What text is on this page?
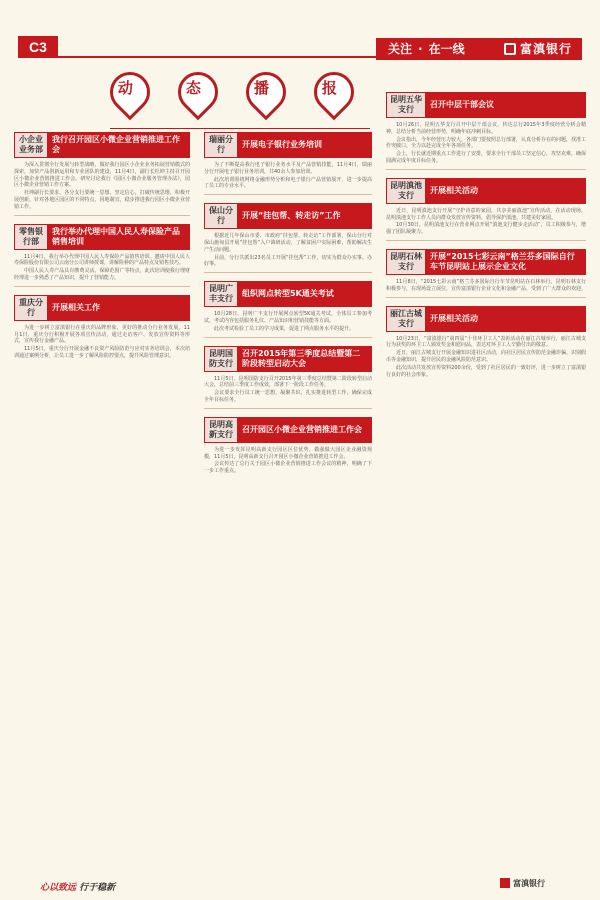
C3	关注 · 在一线	富滇银行
动	态	播	报
小企业业务部
我行召开园区小微企业营销推进工作会

为深入贯彻全行发展与转型战略，做好我行园区小企业业务拓展营销模式的探索，加快产品创新运用和专业团队的建设，11月4日，副行长杜坤主持召开园区小微企业营销推进工作会。研究讨论我行《园区小微企业服务管理办法》，园区小微企业营销工作方案。

杜坤副行长要求，各分支行要统一思想、坚定信心，打破传统思维，积极开展创新，针对各地区园区的不同特点，因地制宜，稳步推进我行园区小微企业营销工作。

零售银行部
我行举办代理中国人民人寿保险产品销售培训

11月4日，我行举办代理中国人民人寿保险产品销售培训。邀请中国人民人寿保险股份有限公司云南分公司讲师授课，讲解险种的产品特点及销售技巧。

中国人民人寿产品具有缴费灵活、保障范围广等特点，此次培训使我行理财经理进一步熟悉了产品知识，提升了营销能力。

重庆分行
开展相关工作

为进一步树立富滇银行在重庆的品牌形象，更好的推动分行业务发展，11月1日，重庆分行积极开展各项宣传活动，通过走访客户、发放宣传资料等形式，宣传我行金融产品。

11月5日，重庆分行开展金融不良资产风险防范与应对实务培训会，本次培训通过案例分析，让员工进一步了解风险防控要点，提升风险管理意识。

瑞丽分行
开展电子银行业务培训

为了不断提高我行电子银行业务水平及产品营销技能，11月4日，瑞丽分行开展电子银行业务培训，共40余人参加培训。

此次培训围绕网络金融形势分析和电子银行产品营销展开，进一步提高了员工的专业水平。

保山分行
开展“挂包帮、转走访”工作

根据近几年保山市委、市政府“挂包帮、转走访”工作部署，保山分行对保山施甸县开展“挂包帮”入户调研活动，了解贫困户实际困难，帮助解决生产生活问题。

目前，分行共派出23名员工开展“挂包帮”工作，切实为群众办实事、办好事。

昆明广丰支行
组织网点转型5K通关考试

10月28日，昆明广丰支行开展网点转型5K通关考试，全体员工参加考试，考试内容包括服务礼仪、产品知识和营销技能等方面。

此次考试检验了员工的学习成果，促进了网点服务水平的提升。

昆明国防支行
召开2015年第三季度总结暨第二阶段转型启动大会

11月5日，昆明国防支行召开2015年第三季度总结暨第二阶段转型启动大会，总结前三季度工作成效，部署下一阶段工作任务。

会议要求全行员工统一思想，凝聚共识，扎实推进转型工作，确保完成全年目标任务。

昆明高新支行
召开园区小微企业营销推进工作会

为进一步发挥昆明高新支行园区区位优势，做强做大园区企业融资规模，11月5日，昆明高新支行召开园区小微企业营销推进工作会。

会议传达了总行关于园区小微企业营销推进工作会议的精神，明确了下一步工作重点。

昆明五华支行
召开中层干部会议

10月26日，昆明五华支行召开中层干部会议，传达总行2015年3季度经营分析会精神，总结分析当前经营形势，明确年底冲刺目标。

会议指出，今年经营压力较大，各部门要按照总行部署，认真分析存在的问题，找准工作突破口，全力以赴完成全年各项任务。

会上，行长就近期重点工作进行了安排，要求全行干部员工坚定信心，攻坚克难，确保圆满完成年度目标任务。

昆明滇池支行
开展相关活动

近日，昆明滇池支行开展“守护诗意的家园，共享美丽滇池”宣传活动，在活动现场，昆明滇池支行工作人员向群众发放宣传资料，倡导保护滇池、共建美好家园。

10月30日，昆明滇池支行在营业网点开展“滇池支行健步走活动”，员工积极参与，增强了团队凝聚力。

昆明石林支行
开展“2015七彩云南”格兰芬多国际自行车节昆明站上展示企业文化

11月8日，“2015七彩云南”格兰芬多国际自行车节昆明站在石林举行，昆明石林支行积极参与，在现场设立展位，宣传富滇银行企业文化和金融产品，受到了广大群众的欢迎。

丽江古城支行
开展相关活动

10月23日，“富滇银行”第四届“十佳环卫工人”表彰活动在丽江古城举行，丽江古城支行为获奖的环卫工人颁发奖金和慰问品，表达对环卫工人辛勤付出的敬意。

近日，丽江古城支行开展金融知识进社区活动，向社区居民宣传防范金融诈骗、识别假币等金融知识，提升居民的金融风险防范意识。

此次活动共发放宣传资料200余份，受到了社区居民的一致好评，进一步树立了富滇银行良好的社会形象。

心以致远 行于稳新	富滇银行
